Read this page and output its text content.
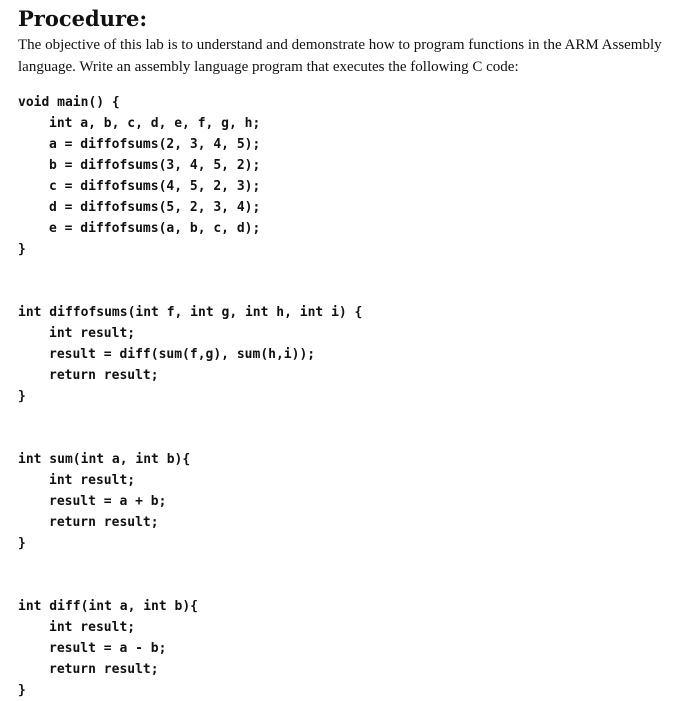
Procedure:

The objective of this lab is to understand and demonstrate how to program functions in the ARM Assembly

language. Write an assembly language program that executes the following C code:

void main() {
int a, b, c, d, e, f, g, h;
a = diffofsums(2, 3, 4, 5);
b = diffofsums(3, 4, 5, 2);
c = diffofsums(4, 5, 2, 3);
d = diffofsums(5, 2, 3, 4);
e = diffofsums(a, b, c, d);
}
int diffofsums(int f, int g, int h, int i) {
int result;
result = diff(sum(f,g), sum(h,i));
return result;
}
int sum(int a, int b){
int result;
result = a + b;
return result;
}
int diff(int a, int b){
int result;
result = a - b;
return result;
}
